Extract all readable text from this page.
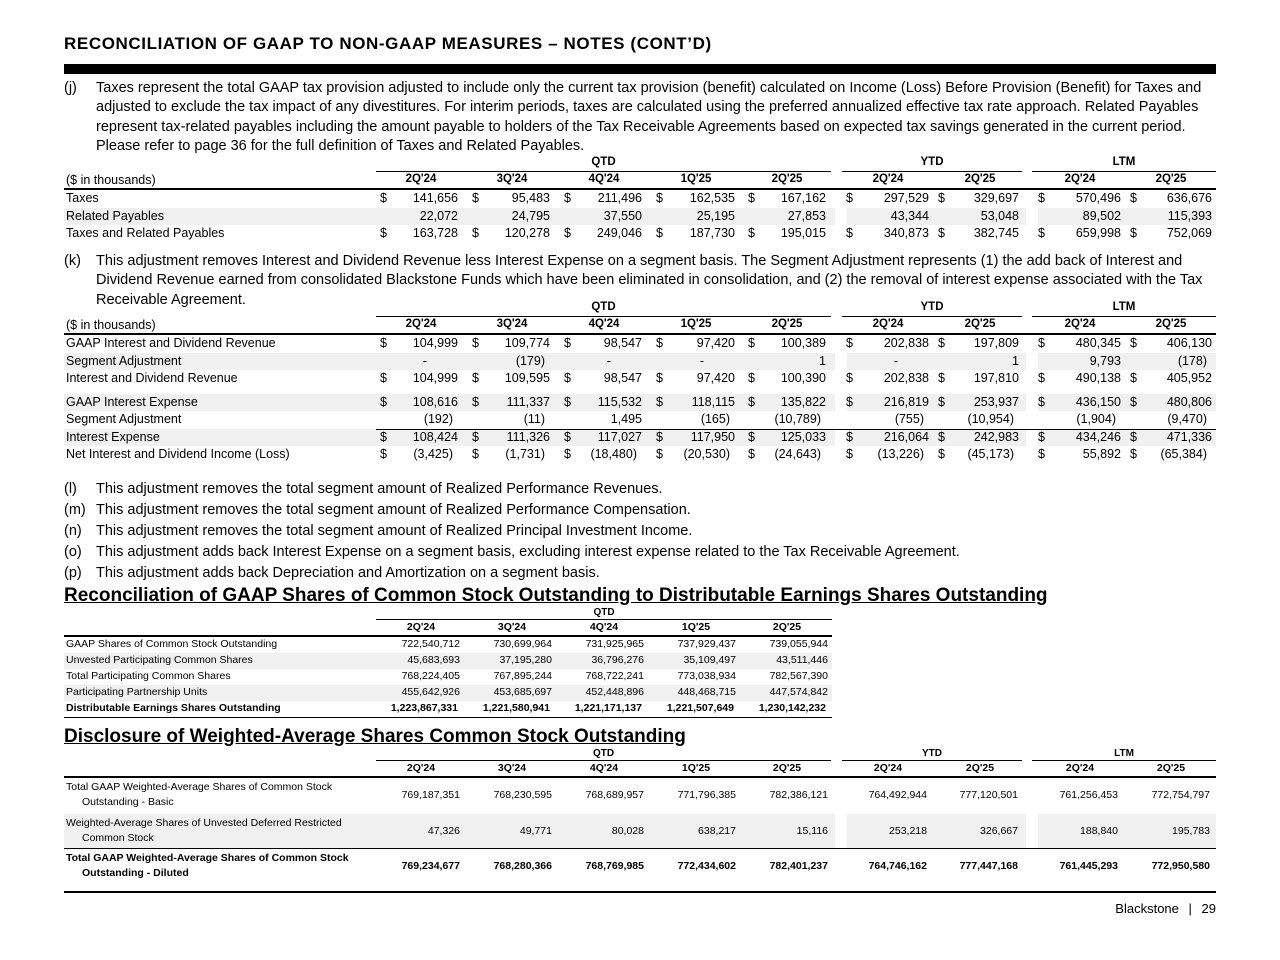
RECONCILIATION OF GAAP TO NON-GAAP MEASURES – NOTES (CONT’D)
(j) Taxes represent the total GAAP tax provision adjusted to include only the current tax provision (benefit) calculated on Income (Loss) Before Provision (Benefit) for Taxes and adjusted to exclude the tax impact of any divestitures. For interim periods, taxes are calculated using the preferred annualized effective tax rate approach. Related Payables represent tax-related payables including the amount payable to holders of the Tax Receivable Agreements based on expected tax savings generated in the current period. Please refer to page 36 for the full definition of Taxes and Related Payables.
($ in thousands)
QTD	YTD	LTM
2Q'24	3Q'24	4Q'24	1Q'25	2Q'25	2Q'24	2Q'25	2Q'24	2Q'25
Taxes	$ 141,656 $	95,483 $ 211,496 $ 162,535 $ 167,162 $ 297,529 $ 329,697 $ 570,496 $ 636,676
Related Payables	22,072	24,795	37,550	25,195	27,853	43,344	53,048	89,502	115,393
Taxes and Related Payables	$ 163,728 $ 120,278 $ 249,046 $ 187,730 $ 195,015 $ 340,873 $ 382,745 $ 659,998 $ 752,069
(k) This adjustment removes Interest and Dividend Revenue less Interest Expense on a segment basis. The Segment Adjustment represents (1) the add back of Interest and Dividend Revenue earned from consolidated Blackstone Funds which have been eliminated in consolidation, and (2) the removal of interest expense associated with the Tax Receivable Agreement.
($ in thousands)
QTD	YTD	LTM
2Q'24	3Q'24	4Q'24	1Q'25	2Q'25	2Q'24	2Q'25	2Q'24	2Q'25
GAAP Interest and Dividend Revenue	$ 104,999 $ 109,774 $	98,547 $	97,420 $ 100,389 $ 202,838 $ 197,809 $ 480,345 $ 406,130
Segment Adjustment	-	(179)	-	-	1	-	1	9,793	(178)
Interest and Dividend Revenue	$ 104,999 $ 109,595 $	98,547 $	97,420 $ 100,390 $ 202,838 $ 197,810 $ 490,138 $ 405,952
GAAP Interest Expense	$ 108,616 $ 111,337 $ 115,532 $ 118,115 $ 135,822 $ 216,819 $ 253,937 $ 436,150 $ 480,806
Segment Adjustment	(192)	(11)	1,495	(165)	(10,789)	(755)	(10,954)	(1,904)	(9,470)
Interest Expense	$ 108,424 $ 111,326 $ 117,027 $ 117,950 $ 125,033 $ 216,064 $ 242,983 $ 434,246 $ 471,336
Net Interest and Dividend Income (Loss)	$ (3,425) $ (1,731) $ (18,480) $ (20,530) $ (24,643) $ (13,226) $ (45,173) $	55,892 $ (65,384)
(l) This adjustment removes the total segment amount of Realized Performance Revenues.
(m) This adjustment removes the total segment amount of Realized Performance Compensation.
(n) This adjustment removes the total segment amount of Realized Principal Investment Income.
(o) This adjustment adds back Interest Expense on a segment basis, excluding interest expense related to the Tax Receivable Agreement.
(p) This adjustment adds back Depreciation and Amortization on a segment basis.
Reconciliation of GAAP Shares of Common Stock Outstanding to Distributable Earnings Shares Outstanding
QTD
2Q'24	3Q'24	4Q'24	1Q'25	2Q'25
GAAP Shares of Common Stock Outstanding	722,540,712	730,699,964	731,925,965	737,929,437	739,055,944
Unvested Participating Common Shares	45,683,693	37,195,280	36,796,276	35,109,497	43,511,446
Total Participating Common Shares	768,224,405	767,895,244	768,722,241	773,038,934	782,567,390
Participating Partnership Units	455,642,926	453,685,697	452,448,896	448,468,715	447,574,842
Distributable Earnings Shares Outstanding	1,223,867,331 1,221,580,941 1,221,171,137 1,221,507,649 1,230,142,232
Disclosure of Weighted-Average Shares Common Stock Outstanding
QTD	YTD	LTM
2Q'24	3Q'24	4Q'24	1Q'25	2Q'25	2Q'24	2Q'25	2Q'24	2Q'25
Total GAAP Weighted-Average Shares of Common Stock
Outstanding - Basic
769,187,351	768,230,595	768,689,957	771,796,385	782,386,121	764,492,944	777,120,501	761,256,453	772,754,797
Weighted-Average Shares of Unvested Deferred Restricted
Common Stock
47,326	49,771	80,028	638,217	15,116	253,218	326,667	188,840	195,783
Total GAAP Weighted-Average Shares of Common Stock
Outstanding - Diluted
769,234,677	768,280,366	768,769,985	772,434,602	782,401,237	764,746,162	777,447,168	761,445,293	772,950,580
Blackstone | 29
